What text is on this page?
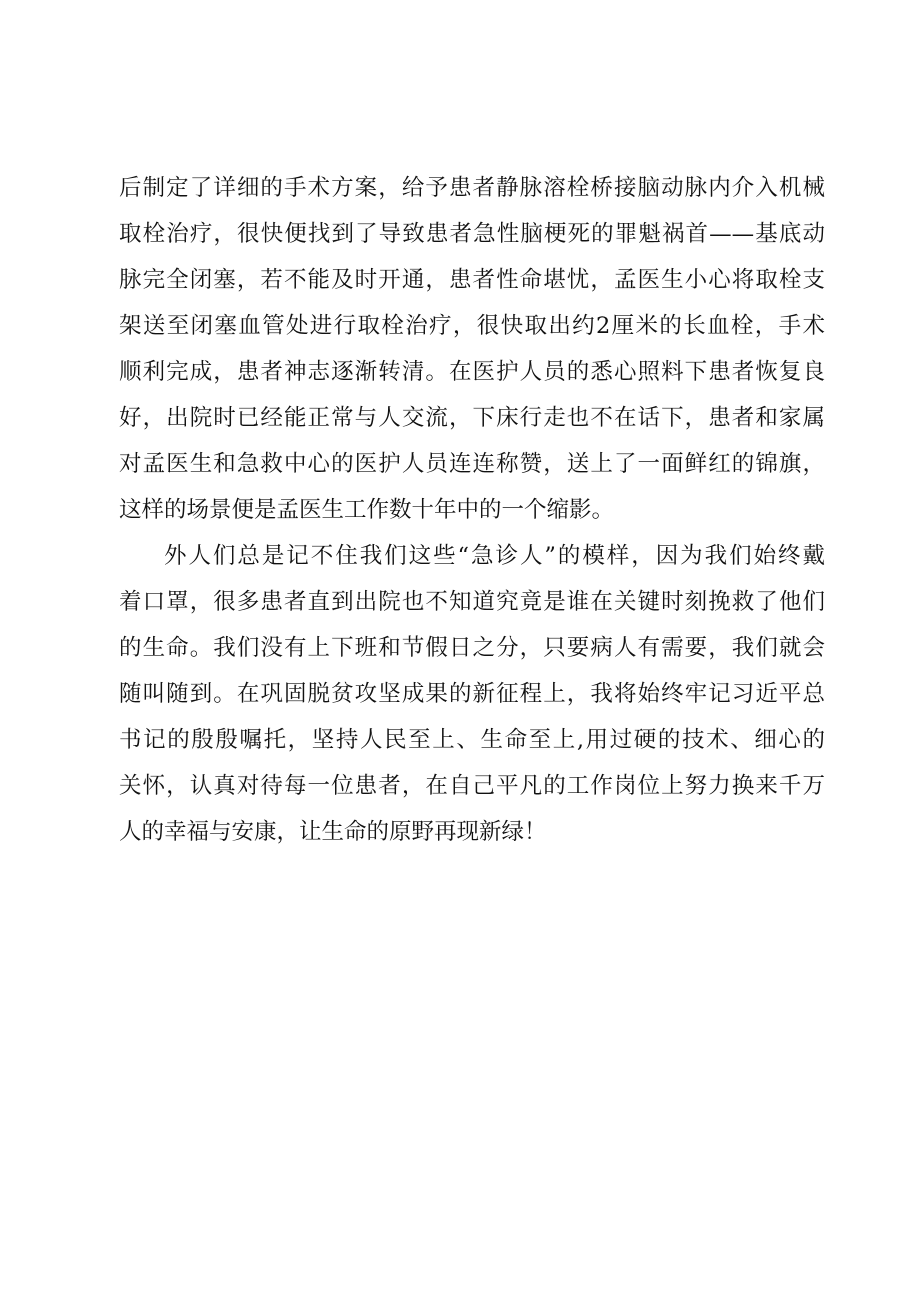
后制定了详细的手术方案，给予患者静脉溶栓桥接脑动脉内介入机械
取栓治疗，很快便找到了导致患者急性脑梗死的罪魁祸首——基底动
脉完全闭塞，若不能及时开通，患者性命堪忧，孟医生小心将取栓支
架送至闭塞血管处进行取栓治疗，很快取出约2厘米的长血栓，手术
顺利完成，患者神志逐渐转清。在医护人员的悉心照料下患者恢复良
好，出院时已经能正常与人交流，下床行走也不在话下，患者和家属
对孟医生和急救中心的医护人员连连称赞，送上了一面鲜红的锦旗，
这样的场景便是孟医生工作数十年中的一个缩影。
外人们总是记不住我们这些“急诊人”的模样，因为我们始终戴
着口罩，很多患者直到出院也不知道究竟是谁在关键时刻挽救了他们
的生命。我们没有上下班和节假日之分，只要病人有需要，我们就会
随叫随到。在巩固脱贫攻坚成果的新征程上，我将始终牢记习近平总
书记的殷殷嘱托，坚持人民至上、生命至上,用过硬的技术、细心的
关怀，认真对待每一位患者，在自己平凡的工作岗位上努力换来千万
人的幸福与安康，让生命的原野再现新绿！
